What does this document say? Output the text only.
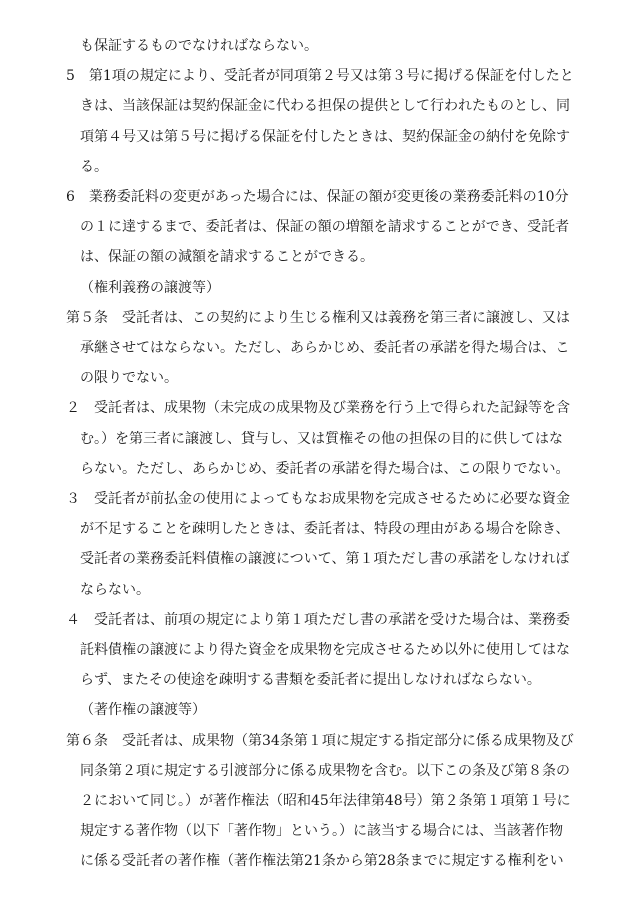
も保証するものでなければならない。
5　第1項の規定により、受託者が同項第２号又は第３号に掲げる保証を付したと
きは、当該保証は契約保証金に代わる担保の提供として行われたものとし、同
項第４号又は第５号に掲げる保証を付したときは、契約保証金の納付を免除す
る。
6　業務委託料の変更があった場合には、保証の額が変更後の業務委託料の10分
の１に達するまで、委託者は、保証の額の増額を請求することができ、受託者
は、保証の額の減額を請求することができる。
（権利義務の譲渡等）
第５条　受託者は、この契約により生じる権利又は義務を第三者に譲渡し、又は
承継させてはならない。ただし、あらかじめ、委託者の承諾を得た場合は、こ
の限りでない。
２　受託者は、成果物（未完成の成果物及び業務を行う上で得られた記録等を含
む。）を第三者に譲渡し、貸与し、又は質権その他の担保の目的に供してはな
らない。ただし、あらかじめ、委託者の承諾を得た場合は、この限りでない。
３　受託者が前払金の使用によってもなお成果物を完成させるために必要な資金
が不足することを疎明したときは、委託者は、特段の理由がある場合を除き、
受託者の業務委託料債権の譲渡について、第１項ただし書の承諾をしなければ
ならない。
４　受託者は、前項の規定により第１項ただし書の承諾を受けた場合は、業務委
託料債権の譲渡により得た資金を成果物を完成させるため以外に使用してはな
らず、またその使途を疎明する書類を委託者に提出しなければならない。
（著作権の譲渡等）
第６条　受託者は、成果物（第34条第１項に規定する指定部分に係る成果物及び
同条第２項に規定する引渡部分に係る成果物を含む。以下この条及び第８条の
２において同じ。）が著作権法（昭和45年法律第48号）第２条第１項第１号に
規定する著作物（以下「著作物」という。）に該当する場合には、当該著作物
に係る受託者の著作権（著作権法第21条から第28条までに規定する権利をい
